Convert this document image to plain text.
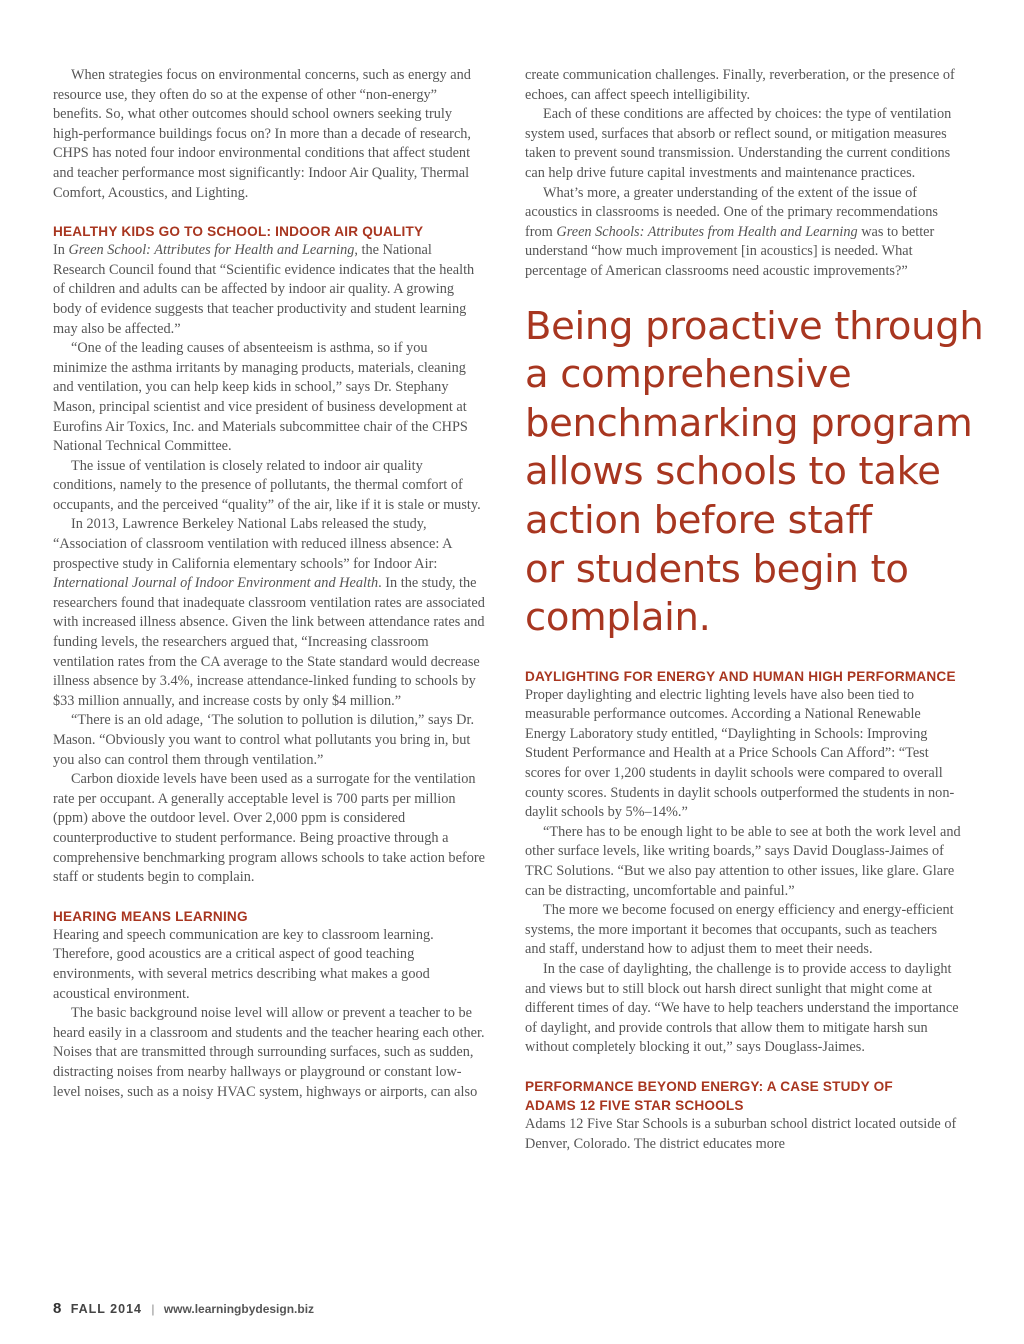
When strategies focus on environmental concerns, such as energy and resource use, they often do so at the expense of other “non-energy” benefits. So, what other outcomes should school owners seeking truly high-performance buildings focus on? In more than a decade of research, CHPS has noted four indoor environmental conditions that affect student and teacher performance most significantly: Indoor Air Quality, Thermal Comfort, Acoustics, and Lighting.

HEALTHY KIDS GO TO SCHOOL: INDOOR AIR QUALITY

In Green School: Attributes for Health and Learning, the National Research Council found that “Scientific evidence indicates that the health of children and adults can be affected by indoor air quality. A growing body of evidence suggests that teacher productivity and student learning may also be affected.”

“One of the leading causes of absenteeism is asthma, so if you minimize the asthma irritants by managing products, materials, cleaning and ventilation, you can help keep kids in school,” says Dr. Stephany Mason, principal scientist and vice president of business development at Eurofins Air Toxics, Inc. and Materials subcommittee chair of the CHPS National Technical Committee.

The issue of ventilation is closely related to indoor air quality conditions, namely to the presence of pollutants, the thermal comfort of occupants, and the perceived “quality” of the air, like if it is stale or musty.

In 2013, Lawrence Berkeley National Labs released the study, “Association of classroom ventilation with reduced illness absence: A prospective study in California elementary schools” for Indoor Air: International Journal of Indoor Environment and Health. In the study, the researchers found that inadequate classroom ventilation rates are associated with increased illness absence. Given the link between attendance rates and funding levels, the researchers argued that, “Increasing classroom ventilation rates from the CA average to the State standard would decrease illness absence by 3.4%, increase attendance-linked funding to schools by $33 million annually, and increase costs by only $4 million.”

“There is an old adage, ‘The solution to pollution is dilution,” says Dr. Mason. “Obviously you want to control what pollutants you bring in, but you also can control them through ventilation.”

Carbon dioxide levels have been used as a surrogate for the ventilation rate per occupant. A generally acceptable level is 700 parts per million (ppm) above the outdoor level. Over 2,000 ppm is considered counterproductive to student performance. Being proactive through a comprehensive benchmarking program allows schools to take action before staff or students begin to complain.

HEARING MEANS LEARNING

Hearing and speech communication are key to classroom learning. Therefore, good acoustics are a critical aspect of good teaching environments, with several metrics describing what makes a good acoustical environment.

The basic background noise level will allow or prevent a teacher to be heard easily in a classroom and students and the teacher hearing each other. Noises that are transmitted through surrounding surfaces, such as sudden, distracting noises from nearby hallways or playground or constant low-level noises, such as a noisy HVAC system, highways or airports, can also

create communication challenges. Finally, reverberation, or the presence of echoes, can affect speech intelligibility.

Each of these conditions are affected by choices: the type of ventilation system used, surfaces that absorb or reflect sound, or mitigation measures taken to prevent sound transmission. Understanding the current conditions can help drive future capital investments and maintenance practices.

What’s more, a greater understanding of the extent of the issue of acoustics in classrooms is needed. One of the primary recommendations from Green Schools: Attributes from Health and Learning was to better understand “how much improvement [in acoustics] is needed. What percentage of American classrooms need acoustic improvements?”

Being proactive through
a comprehensive
benchmarking program
allows schools to take
action before staff
or students begin to
complain.
DAYLIGHTING FOR ENERGY AND HUMAN HIGH PERFORMANCE

Proper daylighting and electric lighting levels have also been tied to measurable performance outcomes. According a National Renewable Energy Laboratory study entitled, “Daylighting in Schools: Improving Student Performance and Health at a Price Schools Can Afford”: “Test scores for over 1,200 students in daylit schools were compared to overall county scores. Students in daylit schools outperformed the students in non-daylit schools by 5%–14%.”

“There has to be enough light to be able to see at both the work level and other surface levels, like writing boards,” says David Douglass-Jaimes of TRC Solutions. “But we also pay attention to other issues, like glare. Glare can be distracting, uncomfortable and painful.”

The more we become focused on energy efficiency and energy-efficient systems, the more important it becomes that occupants, such as teachers and staff, understand how to adjust them to meet their needs.

In the case of daylighting, the challenge is to provide access to daylight and views but to still block out harsh direct sunlight that might come at different times of day. “We have to help teachers understand the importance of daylight, and provide controls that allow them to mitigate harsh sun without completely blocking it out,” says Douglass-Jaimes.

PERFORMANCE BEYOND ENERGY: A CASE STUDY OF
ADAMS 12 FIVE STAR SCHOOLS

Adams 12 Five Star Schools is a suburban school district located outside of Denver, Colorado. The district educates more

8 FALL 2014 | www.learningbydesign.biz
